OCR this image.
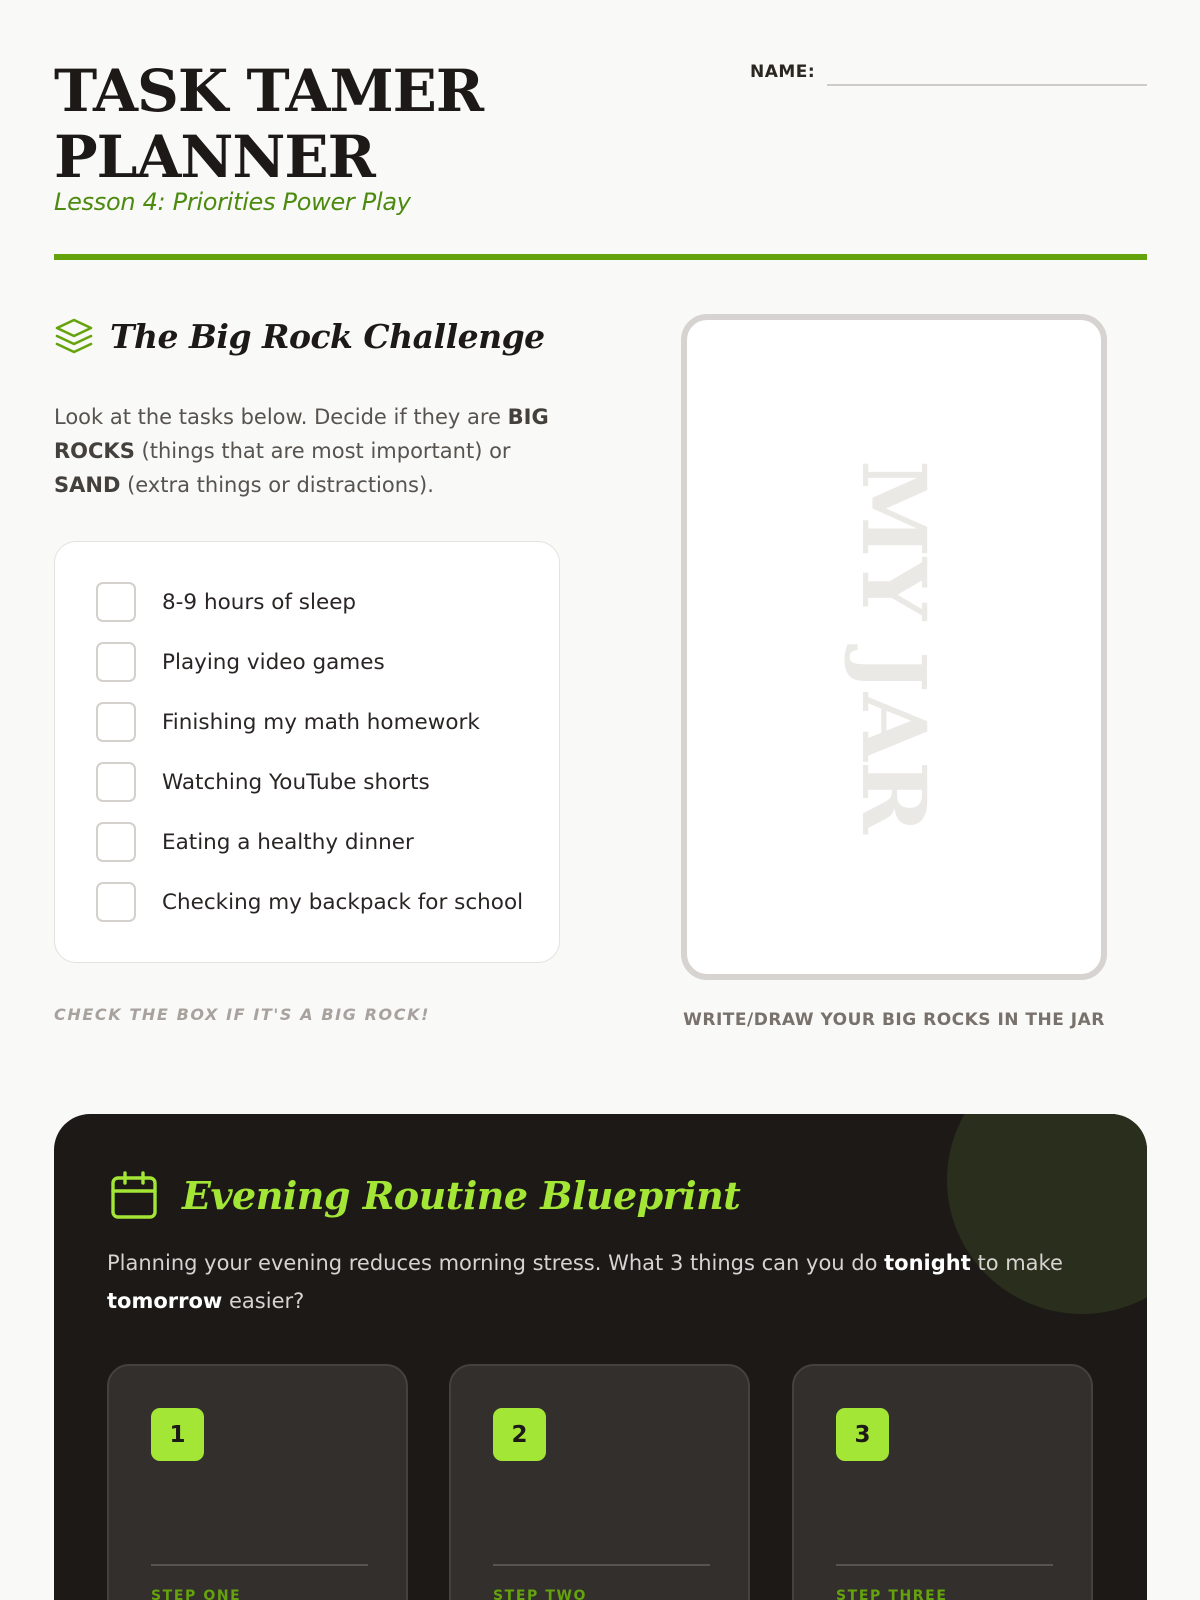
TASK TAMER PLANNER
Lesson 4: Priorities Power Play
NAME:
The Big Rock Challenge

Look at the tasks below. Decide if they are BIG ROCKS (things that are most important) or SAND (extra things or distractions).

8-9 hours of sleep
Playing video games
Finishing my math homework
Watching YouTube shorts
Eating a healthy dinner
Checking my backpack for school
CHECK THE BOX IF IT'S A BIG ROCK!
MY JAR
WRITE/DRAW YOUR BIG ROCKS IN THE JAR
Evening Routine Blueprint

Planning your evening reduces morning stress. What 3 things can you do tonight to make tomorrow easier?

1
STEP ONE
2
STEP TWO
3
STEP THREE
